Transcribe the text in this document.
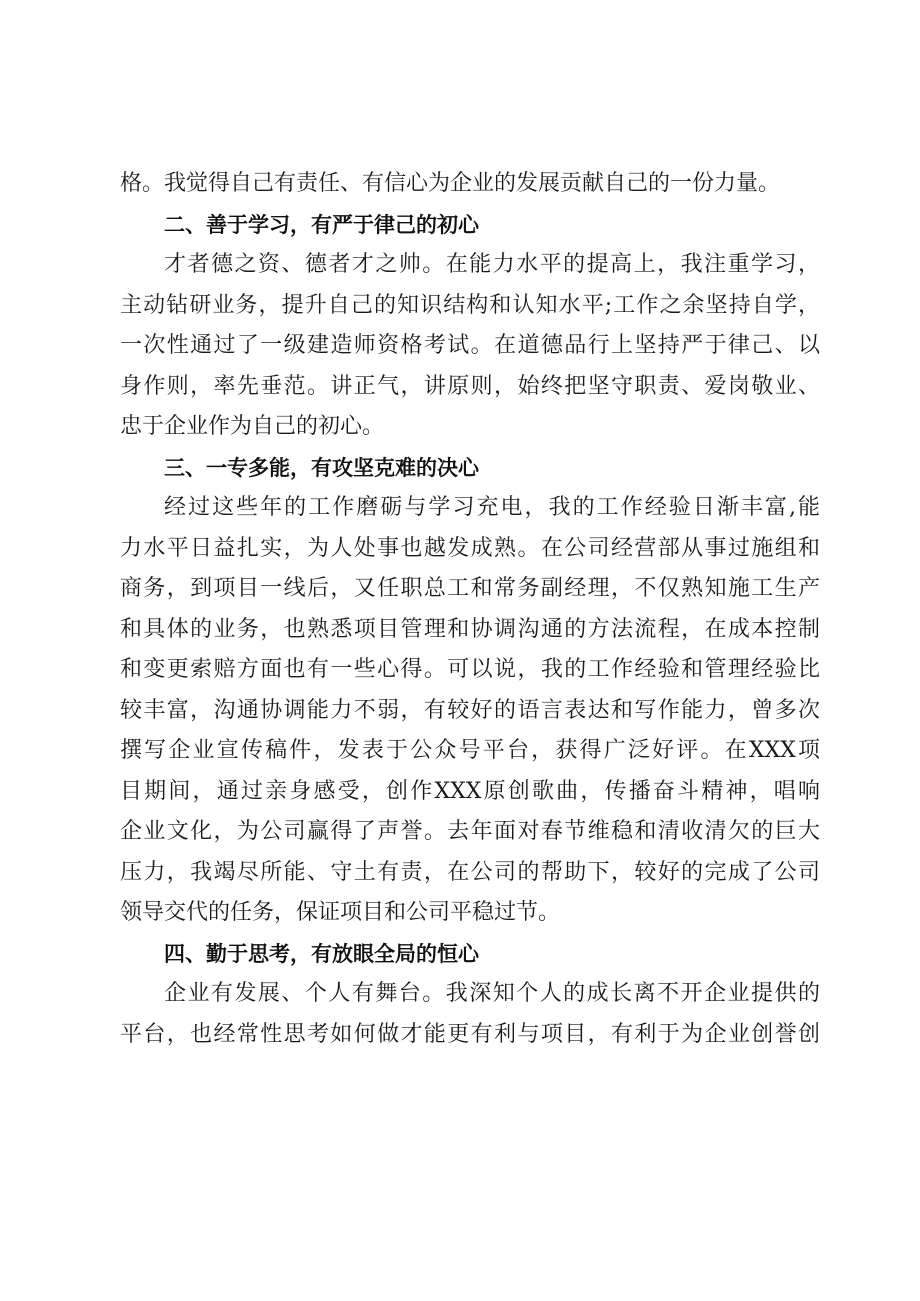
格。我觉得自己有责任、有信心为企业的发展贡献自己的一份力量。
二、善于学习，有严于律己的初心
才者德之资、德者才之帅。在能力水平的提高上，我注重学习，
主动钻研业务，提升自己的知识结构和认知水平;工作之余坚持自学，
一次性通过了一级建造师资格考试。在道德品行上坚持严于律己、以
身作则，率先垂范。讲正气，讲原则，始终把坚守职责、爱岗敬业、
忠于企业作为自己的初心。
三、一专多能，有攻坚克难的决心
经过这些年的工作磨砺与学习充电，我的工作经验日渐丰富,能
力水平日益扎实，为人处事也越发成熟。在公司经营部从事过施组和
商务，到项目一线后，又任职总工和常务副经理，不仅熟知施工生产
和具体的业务，也熟悉项目管理和协调沟通的方法流程，在成本控制
和变更索赔方面也有一些心得。可以说，我的工作经验和管理经验比
较丰富，沟通协调能力不弱，有较好的语言表达和写作能力，曾多次
撰写企业宣传稿件，发表于公众号平台，获得广泛好评。在XXX项
目期间，通过亲身感受，创作XXX原创歌曲，传播奋斗精神，唱响
企业文化，为公司赢得了声誉。去年面对春节维稳和清收清欠的巨大
压力，我竭尽所能、守土有责，在公司的帮助下，较好的完成了公司
领导交代的任务，保证项目和公司平稳过节。
四、勤于思考，有放眼全局的恒心
企业有发展、个人有舞台。我深知个人的成长离不开企业提供的
平台，也经常性思考如何做才能更有利与项目，有利于为企业创誉创
